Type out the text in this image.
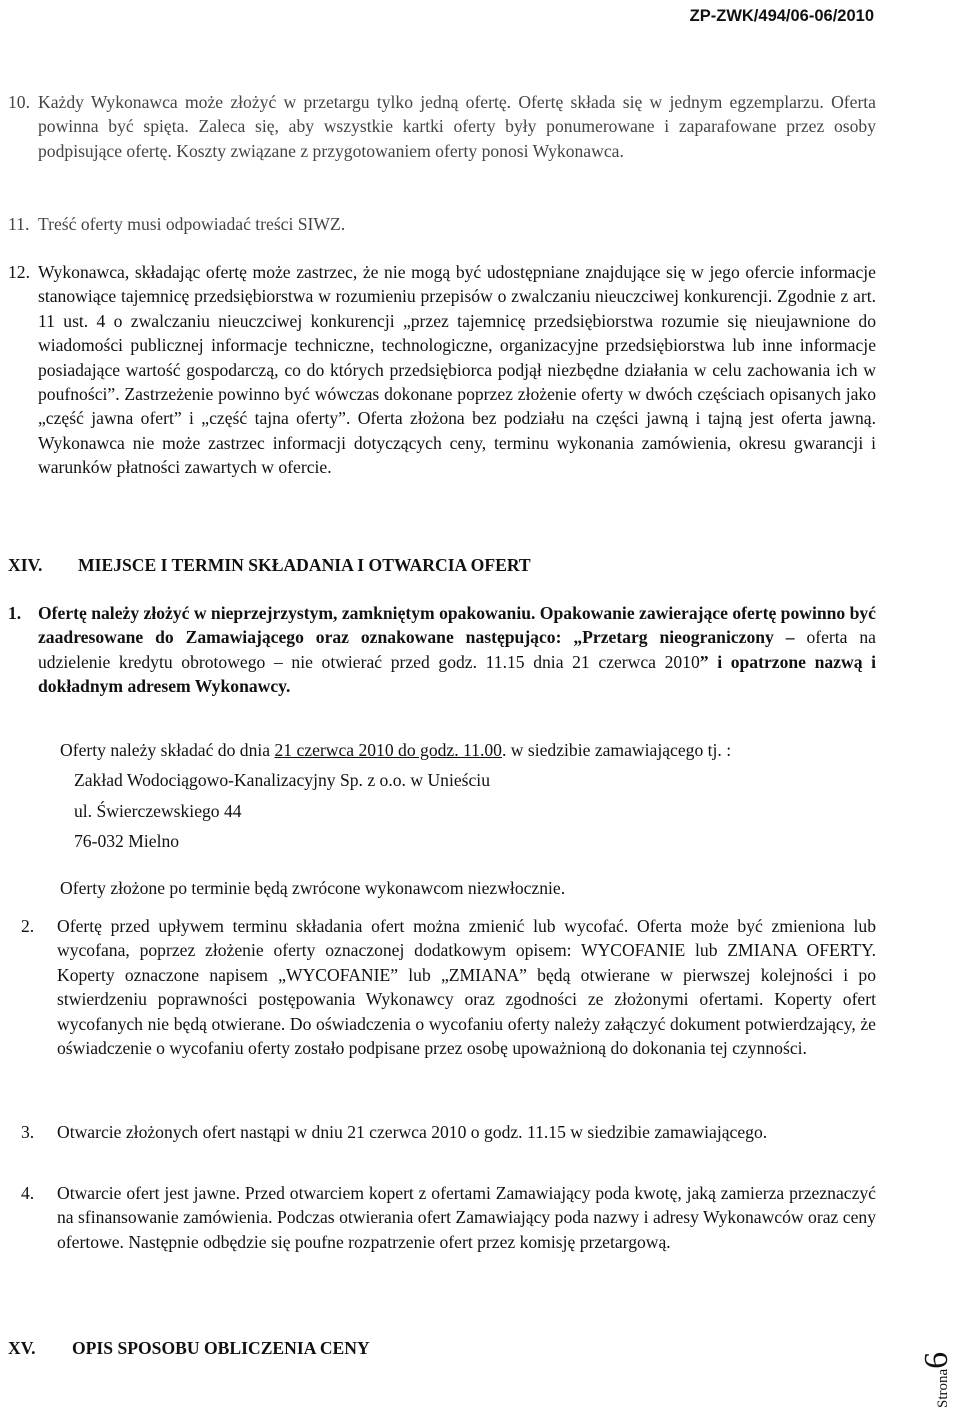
ZP-ZWK/494/06-06/2010
10. Każdy Wykonawca może złożyć w przetargu tylko jedną ofertę. Ofertę składa się w jednym egzemplarzu. Oferta powinna być spięta. Zaleca się, aby wszystkie kartki oferty były ponumerowane i zaparafowane przez osoby podpisujące ofertę. Koszty związane z przygotowaniem oferty ponosi Wykonawca.
11. Treść oferty musi odpowiadać treści SIWZ.
12. Wykonawca, składając ofertę może zastrzec, że nie mogą być udostępniane znajdujące się w jego ofercie informacje stanowiące tajemnicę przedsiębiorstwa w rozumieniu przepisów o zwalczaniu nieuczciwej konkurencji. Zgodnie z art. 11 ust. 4 o zwalczaniu nieuczciwej konkurencji „przez tajemnicę przedsiębiorstwa rozumie się nieujawnione do wiadomości publicznej informacje techniczne, technologiczne, organizacyjne przedsiębiorstwa lub inne informacje posiadające wartość gospodarczą, co do których przedsiębiorca podjął niezbędne działania w celu zachowania ich w poufności”. Zastrzeżenie powinno być wówczas dokonane poprzez złożenie oferty w dwóch częściach opisanych jako „część jawna ofert” i „część tajna oferty”. Oferta złożona bez podziału na części jawną i tajną jest oferta jawną. Wykonawca nie może zastrzec informacji dotyczących ceny, terminu wykonania zamówienia, okresu gwarancji i warunków płatności zawartych w ofercie.
XIV. MIEJSCE I TERMIN SKŁADANIA I OTWARCIA OFERT
1. Ofertę należy złożyć w nieprzejrzystym, zamkniętym opakowaniu. Opakowanie zawierające ofertę powinno być zaadresowane do Zamawiającego oraz oznakowane następująco: „Przetarg nieograniczony – oferta na udzielenie kredytu obrotowego – nie otwierać przed godz. 11.15 dnia 21 czerwca 2010” i opatrzone nazwą i dokładnym adresem Wykonawcy.
Oferty należy składać do dnia 21 czerwca 2010 do godz. 11.00. w siedzibie zamawiającego tj. :
Zakład Wodociągowo-Kanalizacyjny Sp. z o.o. w Unieściu
ul. Świerczewskiego 44
76-032 Mielno
Oferty złożone po terminie będą zwrócone wykonawcom niezwłocznie.
2. Ofertę przed upływem terminu składania ofert można zmienić lub wycofać. Oferta może być zmieniona lub wycofana, poprzez złożenie oferty oznaczonej dodatkowym opisem: WYCOFANIE lub ZMIANA OFERTY. Koperty oznaczone napisem „WYCOFANIE” lub „ZMIANA” będą otwierane w pierwszej kolejności i po stwierdzeniu poprawności postępowania Wykonawcy oraz zgodności ze złożonymi ofertami. Koperty ofert wycofanych nie będą otwierane. Do oświadczenia o wycofaniu oferty należy załączyć dokument potwierdzający, że oświadczenie o wycofaniu oferty zostało podpisane przez osobę upoważnioną do dokonania tej czynności.
3. Otwarcie złożonych ofert nastąpi w dniu 21 czerwca 2010 o godz. 11.15 w siedzibie zamawiającego.
4. Otwarcie ofert jest jawne. Przed otwarciem kopert z ofertami Zamawiający poda kwotę, jaką zamierza przeznaczyć na sfinansowanie zamówienia. Podczas otwierania ofert Zamawiający poda nazwy i adresy Wykonawców oraz ceny ofertowe. Następnie odbędzie się poufne rozpatrzenie ofert przez komisję przetargową.
XV. OPIS SPOSOBU OBLICZENIA CENY
Strona6
